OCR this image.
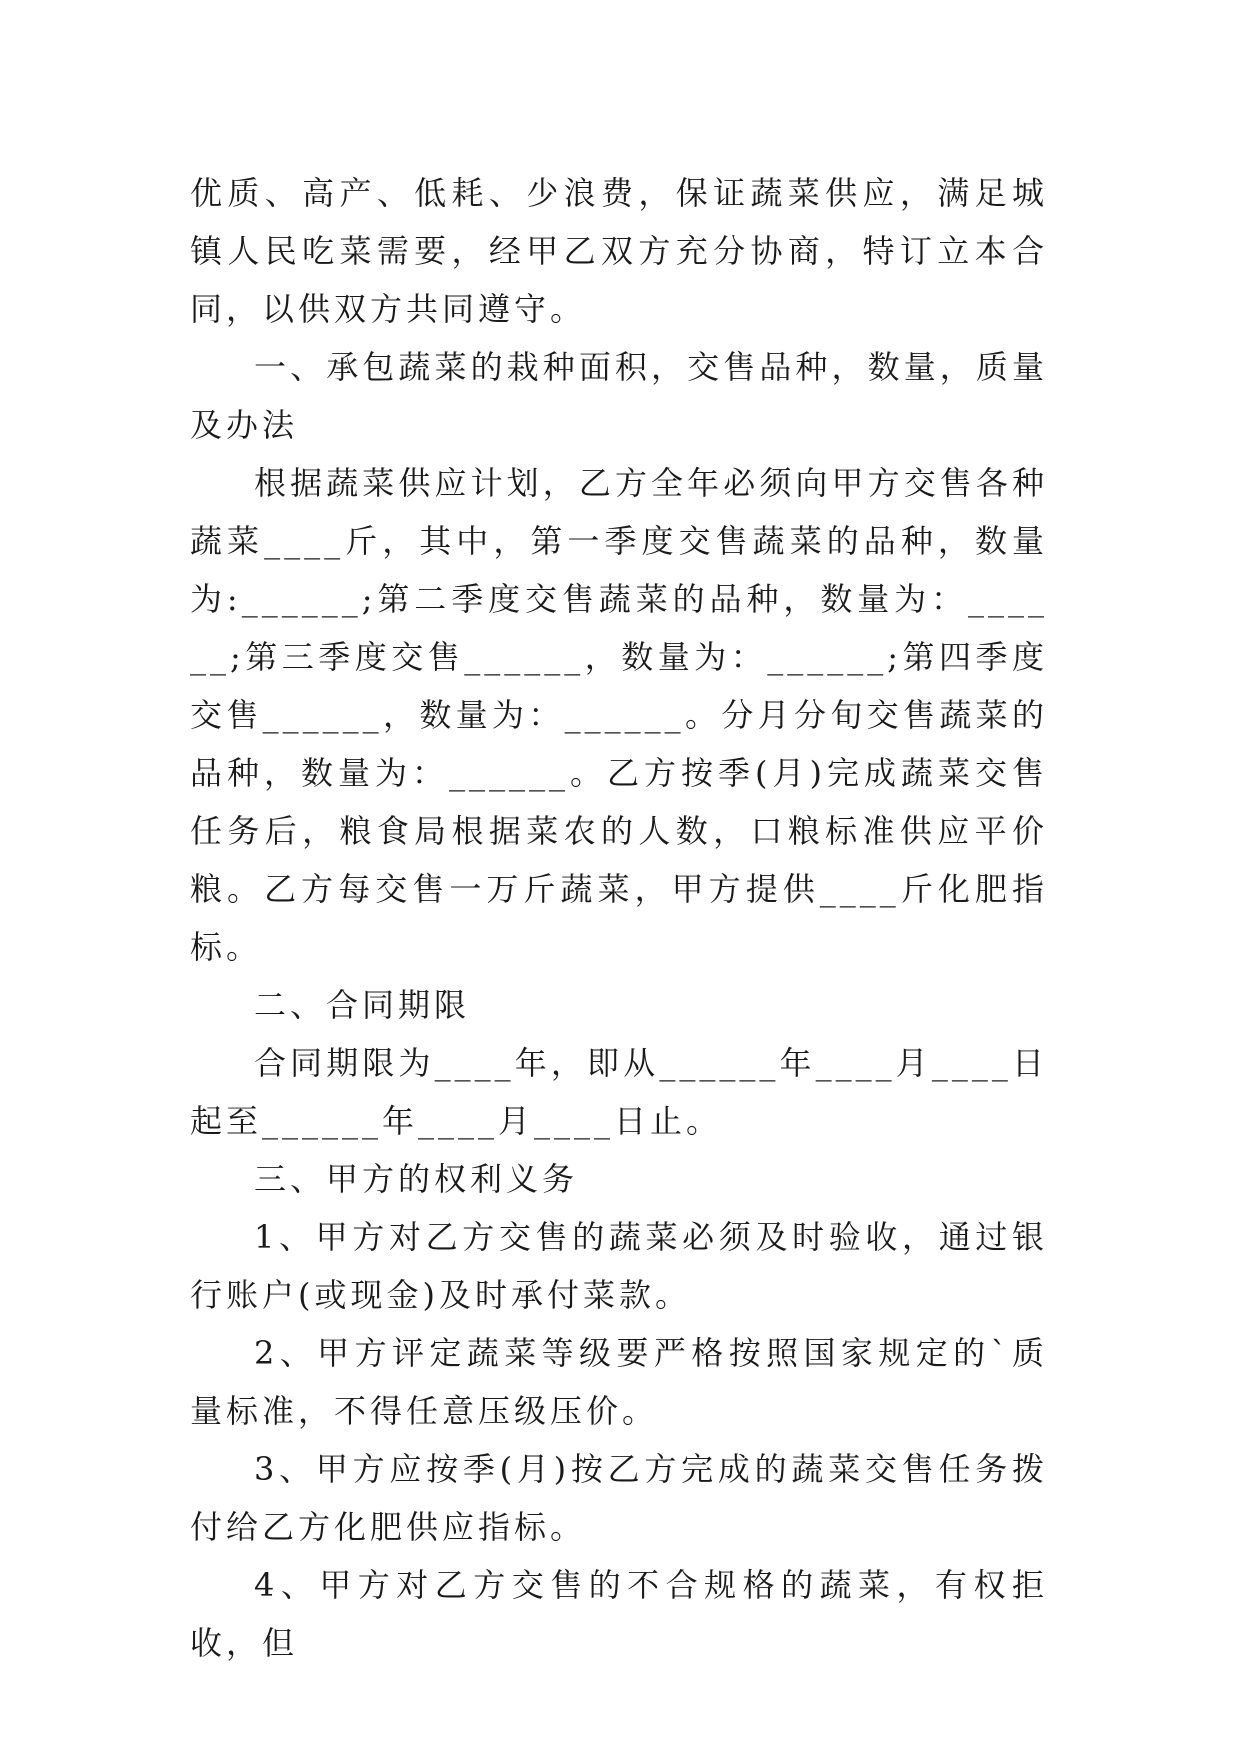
优质、高产、低耗、少浪费，保证蔬菜供应，满足城镇人民吃菜需要，经甲乙双方充分协商，特订立本合同，以供双方共同遵守。

一、承包蔬菜的栽种面积，交售品种，数量，质量及办法

根据蔬菜供应计划，乙方全年必须向甲方交售各种蔬菜____斤，其中，第一季度交售蔬菜的品种，数量为:______;第二季度交售蔬菜的品种，数量为：______;第三季度交售______，数量为：______;第四季度交售______，数量为：______。分月分旬交售蔬菜的品种，数量为：______。乙方按季(月)完成蔬菜交售任务后，粮食局根据菜农的人数，口粮标准供应平价粮。乙方每交售一万斤蔬菜，甲方提供____斤化肥指标。

二、合同期限

合同期限为____年，即从______年____月____日起至______年____月____日止。

三、甲方的权利义务

1、甲方对乙方交售的蔬菜必须及时验收，通过银行账户(或现金)及时承付菜款。

2、甲方评定蔬菜等级要严格按照国家规定的`质量标准，不得任意压级压价。

3、甲方应按季(月)按乙方完成的蔬菜交售任务拨付给乙方化肥供应指标。

4、甲方对乙方交售的不合规格的蔬菜，有权拒收，但
